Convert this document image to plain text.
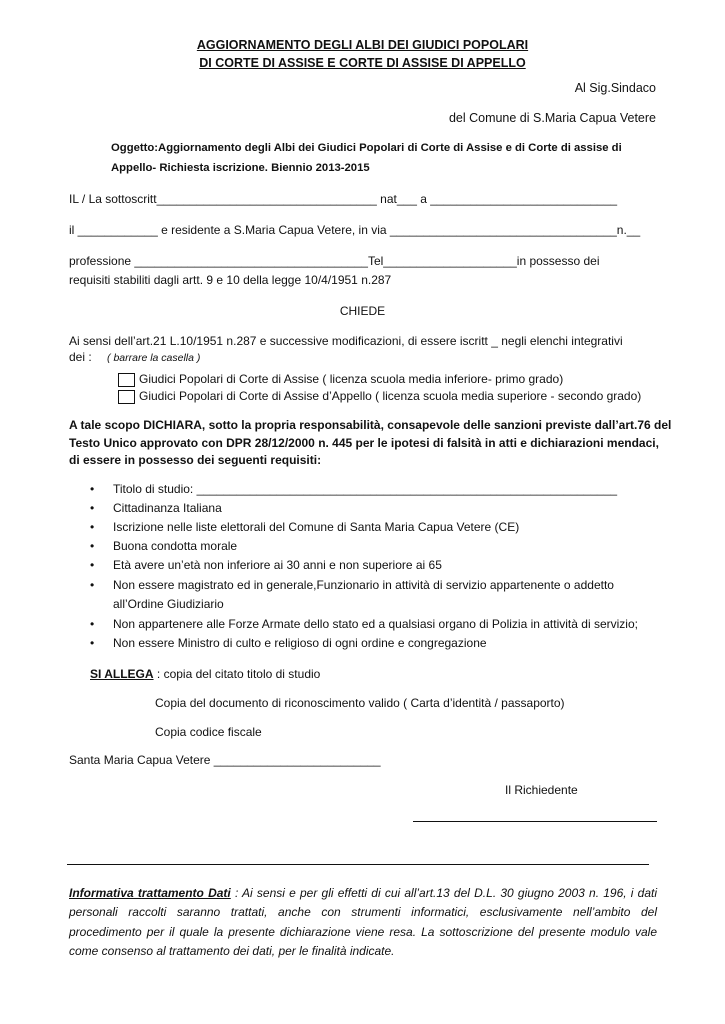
AGGIORNAMENTO DEGLI ALBI DEI GIUDICI POPOLARI
DI CORTE DI ASSISE E CORTE DI ASSISE DI APPELLO
Al Sig.Sindaco
del Comune di S.Maria Capua Vetere
Oggetto:Aggiornamento degli Albi dei Giudici Popolari di Corte di Assise e di Corte di assise di
Appello- Richiesta iscrizione. Biennio 2013-2015
IL / La sottoscritt_________________________________ nat___ a ____________________________
il ____________ e residente a S.Maria Capua Vetere, in via __________________________________n.__
professione ___________________________________Tel____________________in possesso dei
requisiti stabiliti dagli artt. 9 e 10 della legge 10/4/1951 n.287
CHIEDE
Ai sensi dell’art.21 L.10/1951 n.287 e successive modificazioni, di essere iscritt _ negli elenchi integrativi
dei : ( barrare la casella )
Giudici Popolari di Corte di Assise ( licenza scuola media inferiore- primo grado)
Giudici Popolari di Corte di Assise d’Appello ( licenza scuola media superiore - secondo grado)
A tale scopo DICHIARA, sotto la propria responsabilità, consapevole delle sanzioni previste dall’art.76 del
Testo Unico approvato con DPR 28/12/2000 n. 445 per le ipotesi di falsità in atti e dichiarazioni mendaci,
di essere in possesso dei seguenti requisiti:
• Titolo di studio: _______________________________________________________________
• Cittadinanza Italiana
• Iscrizione nelle liste elettorali del Comune di Santa Maria Capua Vetere (CE)
• Buona condotta morale
• Età avere un’età non inferiore ai 30 anni e non superiore ai 65
• Non essere magistrato ed in generale,Funzionario in attività di servizio appartenente o addetto
all’Ordine Giudiziario
• Non appartenere alle Forze Armate dello stato ed a qualsiasi organo di Polizia in attività di servizio;
• Non essere Ministro di culto e religioso di ogni ordine e congregazione
SI ALLEGA : copia del citato titolo di studio
Copia del documento di riconoscimento valido ( Carta d’identità / passaporto)
Copia codice fiscale
Santa Maria Capua Vetere _________________________
Il Richiedente
Informativa trattamento Dati : Ai sensi e per gli effetti di cui all’art.13 del D.L. 30 giugno 2003 n. 196, i dati personali raccolti saranno trattati, anche con strumenti informatici, esclusivamente nell’ambito del procedimento per il quale la presente dichiarazione viene resa. La sottoscrizione del presente modulo vale come consenso al trattamento dei dati, per le finalità indicate.
